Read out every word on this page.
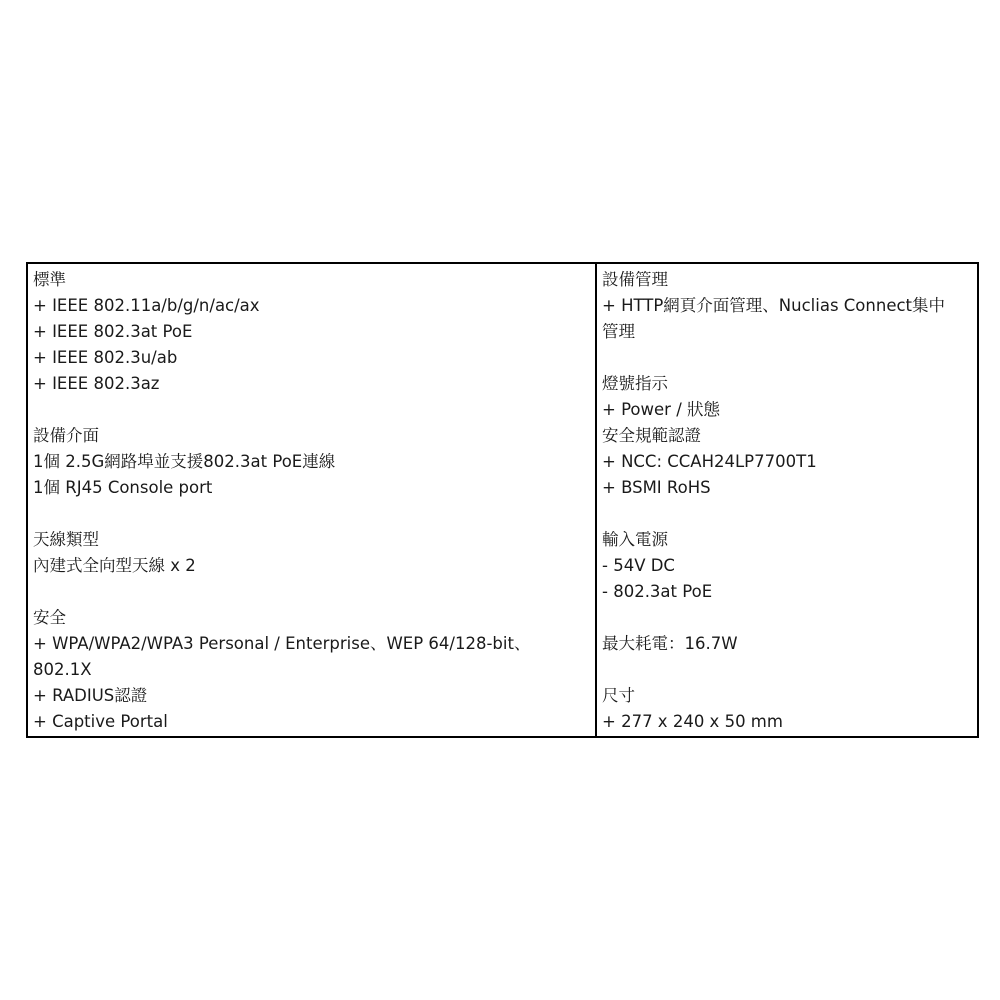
標準
+ IEEE 802.11a/b/g/n/ac/ax
+ IEEE 802.3at PoE
+ IEEE 802.3u/ab
+ IEEE 802.3az
設備介面
1個 2.5G網路埠並支援802.3at PoE連線
1個 RJ45 Console port
天線類型
內建式全向型天線 x 2
安全
+ WPA/WPA2/WPA3 Personal / Enterprise、WEP 64/128-bit、
802.1X
+ RADIUS認證
+ Captive Portal
設備管理
+ HTTP網頁介面管理、Nuclias Connect集中
管理
燈號指示
+ Power / 狀態
安全規範認證
+ NCC: CCAH24LP7700T1
+ BSMI RoHS
輸入電源
- 54V DC
- 802.3at PoE
最大耗電：16.7W
尺寸
+ 277 x 240 x 50 mm
